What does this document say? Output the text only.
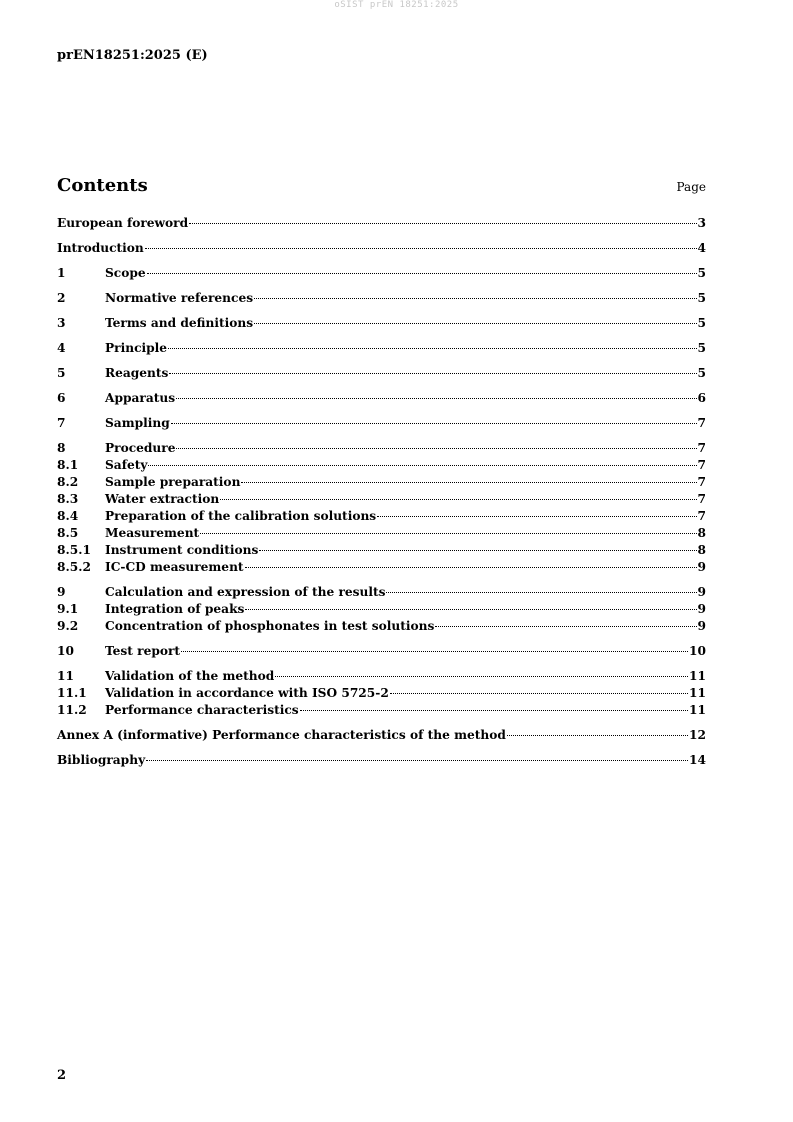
oSIST prEN 18251:2025
prEN18251:2025 (E)
Contents	Page
European foreword	3
Introduction	4
1	Scope	5
2	Normative references	5
3	Terms and definitions	5
4	Principle	5
5	Reagents	5
6	Apparatus	6
7	Sampling	7
8	Procedure	7
8.1	Safety	7
8.2	Sample preparation	7
8.3	Water extraction	7
8.4	Preparation of the calibration solutions	7
8.5	Measurement	8
8.5.1	Instrument conditions	8
8.5.2	IC-CD measurement	9
9	Calculation and expression of the results	9
9.1	Integration of peaks	9
9.2	Concentration of phosphonates in test solutions	9
10	Test report	10
11	Validation of the method	11
11.1	Validation in accordance with ISO 5725-2	11
11.2	Performance characteristics	11
Annex A (informative) Performance characteristics of the method	12
Bibliography	14
2
